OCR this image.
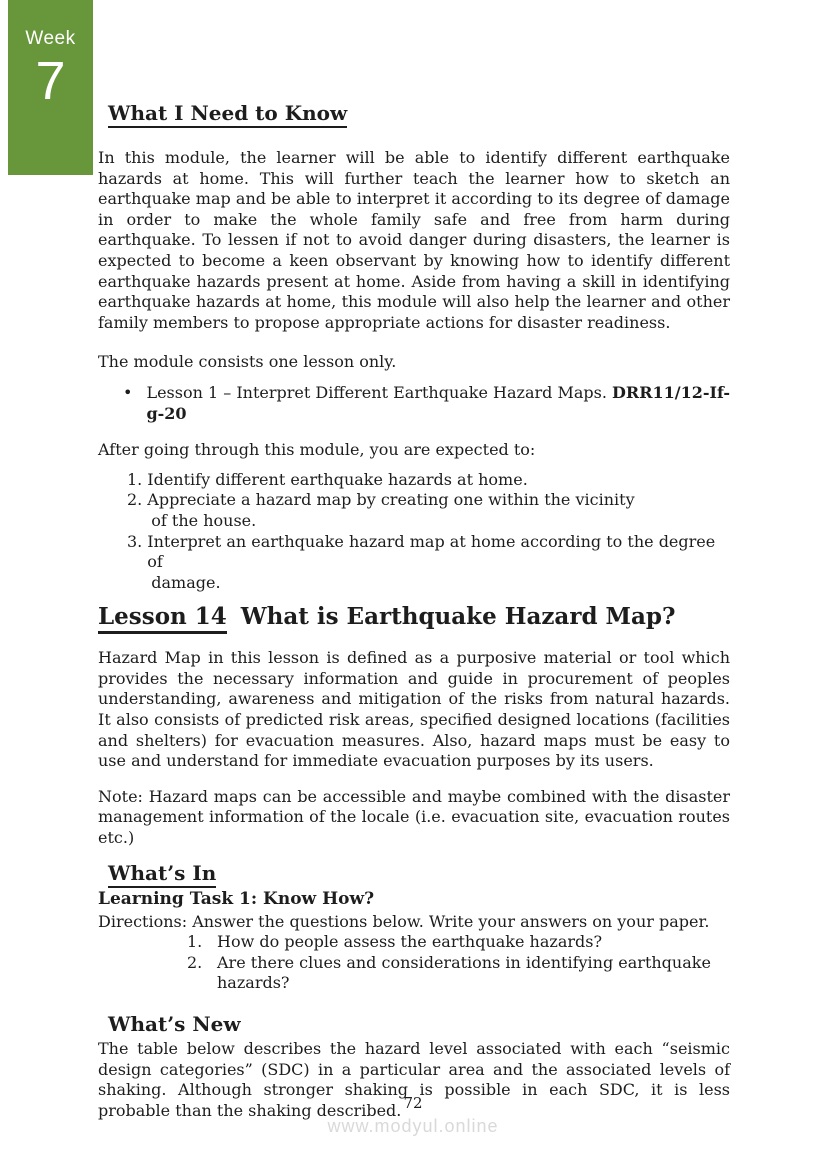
Week
7
What I Need to Know

In this module, the learner will be able to identify different earthquake hazards at home. This will further teach the learner how to sketch an earthquake map and be able to interpret it according to its degree of damage in order to make the whole family safe and free from harm during earthquake. To lessen if not to avoid danger during disasters, the learner is expected to become a keen observant by knowing how to identify different earthquake hazards present at home. Aside from having a skill in identifying earthquake hazards at home, this module will also help the learner and other family members to propose appropriate actions for disaster readiness.

The module consists one lesson only.

• Lesson 1 – Interpret Different Earthquake Hazard Maps. DRR11/12-If-g-20

After going through this module, you are expected to:

1. Identify different earthquake hazards at home.
2. Appreciate a hazard map by creating one within the vicinity
of the house.
3. Interpret an earthquake hazard map at home according to the degree of
damage.
Lesson 14 What is Earthquake Hazard Map?

Hazard Map in this lesson is defined as a purposive material or tool which provides the necessary information and guide in procurement of peoples understanding, awareness and mitigation of the risks from natural hazards. It also consists of predicted risk areas, specified designed locations (facilities and shelters) for evacuation measures. Also, hazard maps must be easy to use and understand for immediate evacuation purposes by its users.

Note: Hazard maps can be accessible and maybe combined with the disaster management information of the locale (i.e. evacuation site, evacuation routes etc.)

What’s In
Learning Task 1: Know How?

Directions: Answer the questions below. Write your answers on your paper.

1. How do people assess the earthquake hazards?
2. Are there clues and considerations in identifying earthquake
hazards?
What’s New

The table below describes the hazard level associated with each “seismic design categories” (SDC) in a particular area and the associated levels of shaking. Although stronger shaking is possible in each SDC, it is less probable than the shaking described. 72
www.modyul.online
